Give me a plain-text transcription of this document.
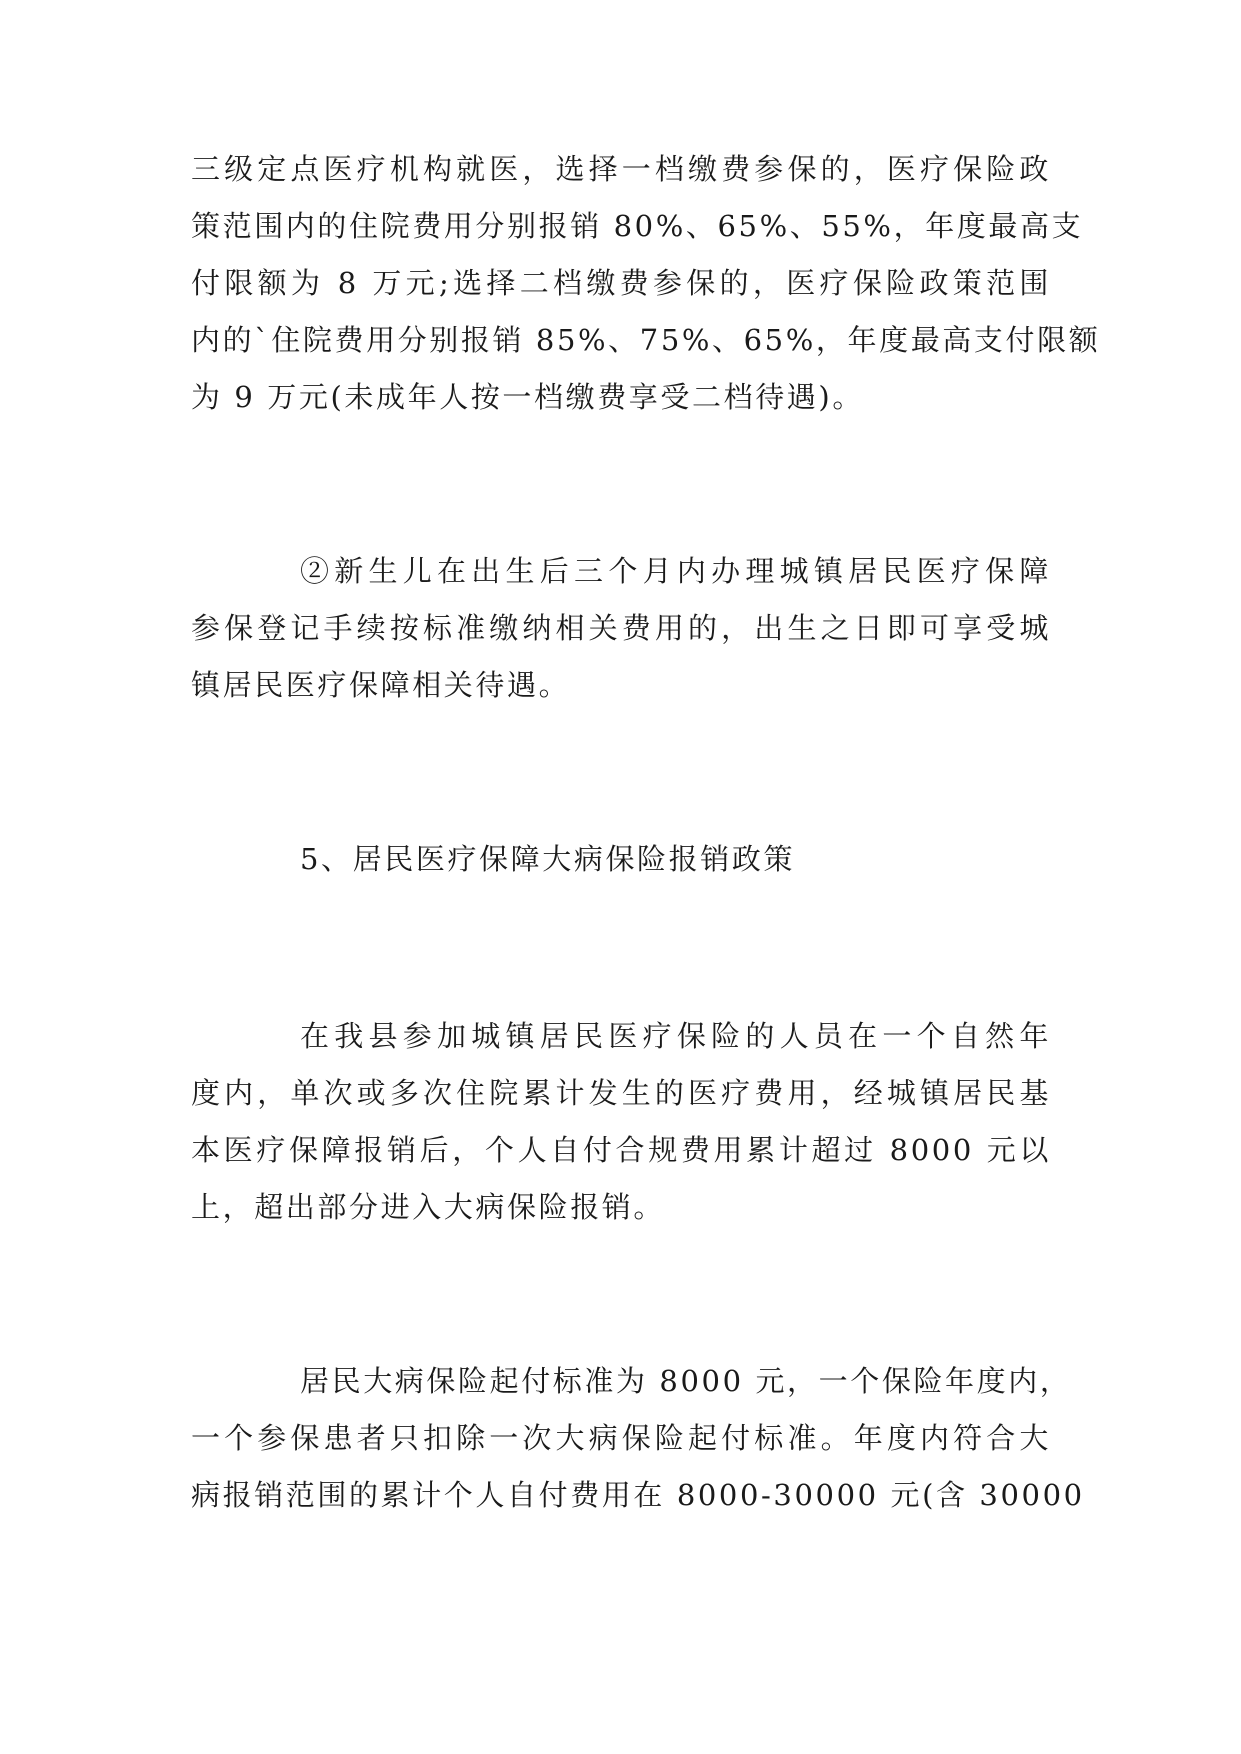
三级定点医疗机构就医，选择一档缴费参保的，医疗保险政
策范围内的住院费用分别报销 80%、65%、55%，年度最高支
付限额为 8 万元;选择二档缴费参保的，医疗保险政策范围
内的`住院费用分别报销 85%、75%、65%，年度最高支付限额
为 9 万元(未成年人按一档缴费享受二档待遇)。
②新生儿在出生后三个月内办理城镇居民医疗保障
参保登记手续按标准缴纳相关费用的，出生之日即可享受城
镇居民医疗保障相关待遇。
5、居民医疗保障大病保险报销政策
在我县参加城镇居民医疗保险的人员在一个自然年
度内，单次或多次住院累计发生的医疗费用，经城镇居民基
本医疗保障报销后，个人自付合规费用累计超过 8000 元以
上，超出部分进入大病保险报销。
居民大病保险起付标准为 8000 元，一个保险年度内，
一个参保患者只扣除一次大病保险起付标准。年度内符合大
病报销范围的累计个人自付费用在 8000-30000 元(含 30000
